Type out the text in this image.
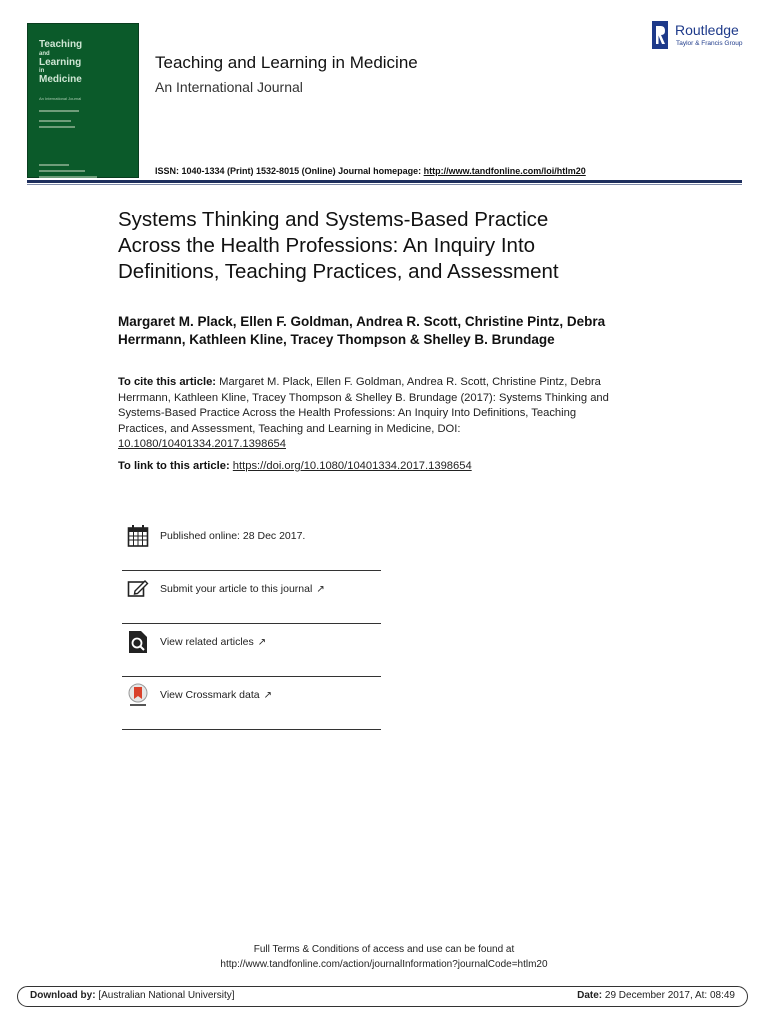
Teaching
and
Learning
in
Medicine
An International Journal
Teaching and Learning in Medicine
An International Journal
ISSN: 1040-1334 (Print) 1532-8015 (Online) Journal homepage: http://www.tandfonline.com/loi/htlm20
Routledge
Taylor & Francis Group
Systems Thinking and Systems-Based Practice
Across the Health Professions: An Inquiry Into
Definitions, Teaching Practices, and Assessment
Margaret M. Plack, Ellen F. Goldman, Andrea R. Scott, Christine Pintz, Debra
Herrmann, Kathleen Kline, Tracey Thompson & Shelley B. Brundage
To cite this article: Margaret M. Plack, Ellen F. Goldman, Andrea R. Scott, Christine Pintz, Debra Herrmann, Kathleen Kline, Tracey Thompson & Shelley B. Brundage (2017): Systems Thinking and Systems-Based Practice Across the Health Professions: An Inquiry Into Definitions, Teaching Practices, and Assessment, Teaching and Learning in Medicine, DOI: 10.1080/10401334.2017.1398654
To link to this article: https://doi.org/10.1080/10401334.2017.1398654
Published online: 28 Dec 2017.
Submit your article to this journal ↗
View related articles ↗
View Crossmark data ↗
Full Terms & Conditions of access and use can be found at
http://www.tandfonline.com/action/journalInformation?journalCode=htlm20
Download by: [Australian National University]	Date: 29 December 2017, At: 08:49
